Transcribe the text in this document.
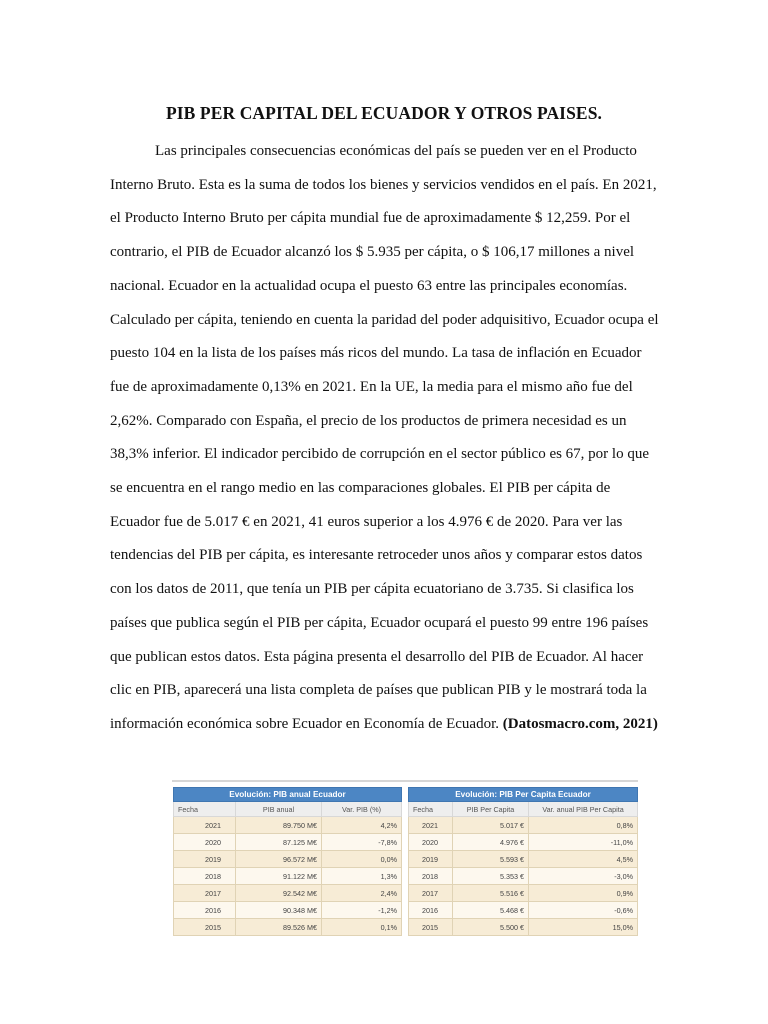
PIB PER CAPITAL DEL ECUADOR Y OTROS PAISES.

Las principales consecuencias económicas del país se pueden ver en el Producto Interno Bruto. Esta es la suma de todos los bienes y servicios vendidos en el país. En 2021, el Producto Interno Bruto per cápita mundial fue de aproximadamente $ 12,259. Por el contrario, el PIB de Ecuador alcanzó los $ 5.935 per cápita, o $ 106,17 millones a nivel nacional. Ecuador en la actualidad ocupa el puesto 63 entre las principales economías. Calculado per cápita, teniendo en cuenta la paridad del poder adquisitivo, Ecuador ocupa el puesto 104 en la lista de los países más ricos del mundo. La tasa de inflación en Ecuador fue de aproximadamente 0,13% en 2021. En la UE, la media para el mismo año fue del 2,62%. Comparado con España, el precio de los productos de primera necesidad es un 38,3% inferior. El indicador percibido de corrupción en el sector público es 67, por lo que se encuentra en el rango medio en las comparaciones globales. El PIB per cápita de Ecuador fue de 5.017 € en 2021, 41 euros superior a los 4.976 € de 2020. Para ver las tendencias del PIB per cápita, es interesante retroceder unos años y comparar estos datos con los datos de 2011, que tenía un PIB per cápita ecuatoriano de 3.735. Si clasifica los países que publica según el PIB per cápita, Ecuador ocupará el puesto 99 entre 196 países que publican estos datos. Esta página presenta el desarrollo del PIB de Ecuador. Al hacer clic en PIB, aparecerá una lista completa de países que publican PIB y le mostrará toda la información económica sobre Ecuador en Economía de Ecuador. (Datosmacro.com, 2021)

Evolución: PIB anual Ecuador		
Fecha	PIB anual	Var. PIB (%)
2021	89.750 M€	4,2%
2020	87.125 M€	-7,8%
2019	96.572 M€	0,0%
2018	91.122 M€	1,3%
2017	92.542 M€	2,4%
2016	90.348 M€	-1,2%
2015	89.526 M€	0,1%
Evolución: PIB Per Capita Ecuador		
Fecha	PIB Per Capita	Var. anual PIB Per Capita
2021	5.017 €	0,8%
2020	4.976 €	-11,0%
2019	5.593 €	4,5%
2018	5.353 €	-3,0%
2017	5.516 €	0,9%
2016	5.468 €	-0,6%
2015	5.500 €	15,0%
